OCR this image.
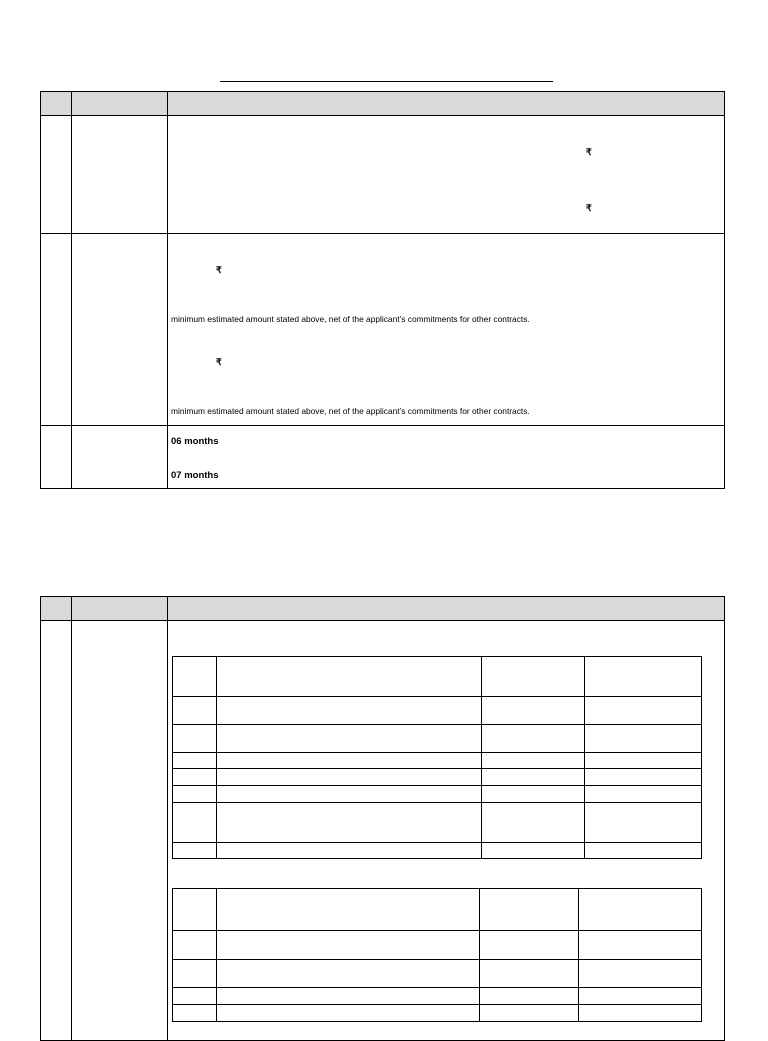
		₹
₹

		₹
minimum estimated amount stated above, net of the applicant’s commitments for other contracts.
₹
minimum estimated amount stated above, net of the applicant’s commitments for other contracts.

		06 months
07 months
